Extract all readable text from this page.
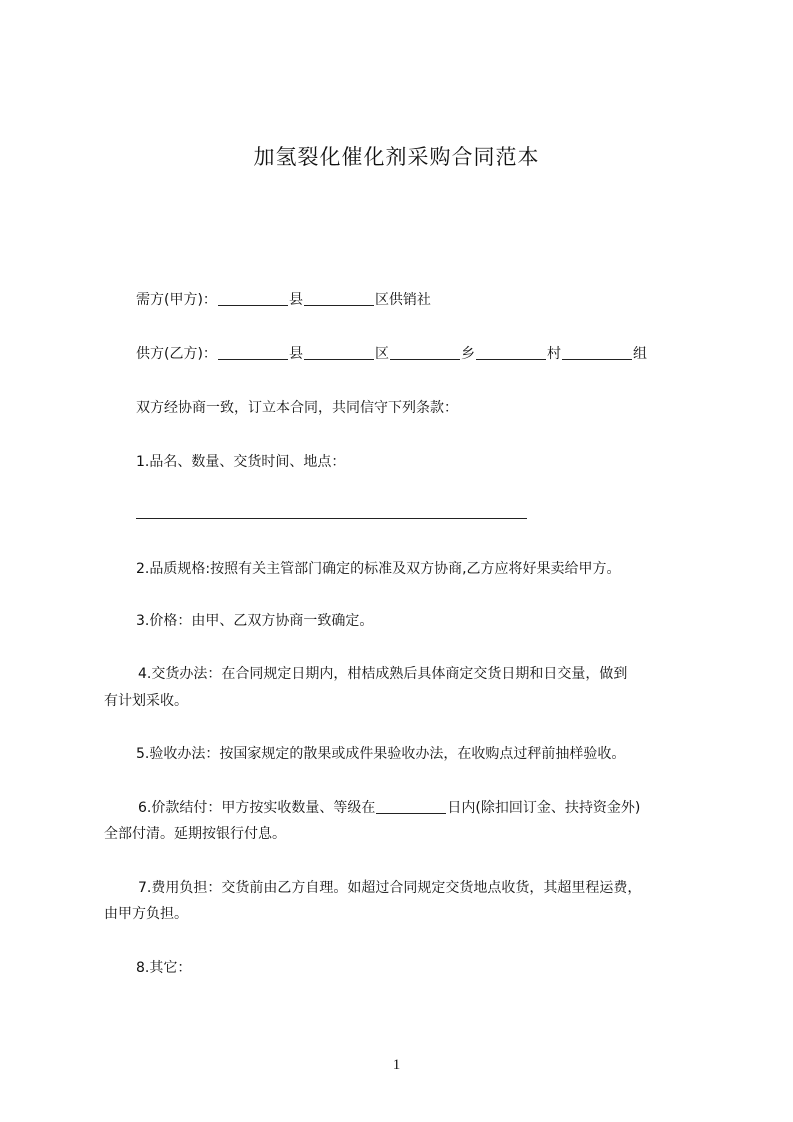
加氢裂化催化剂采购合同范本
需方(甲方)：	县	区供销社
供方(乙方)：	县	区	乡	村	组
双方经协商一致，订立本合同，共同信守下列条款：
1.品名、数量、交货时间、地点：
2.品质规格:按照有关主管部门确定的标准及双方协商,乙方应将好果卖给甲方。
3.价格：由甲、乙双方协商一致确定。
4.交货办法：在合同规定日期内，柑桔成熟后具体商定交货日期和日交量，做到
有计划采收。
5.验收办法：按国家规定的散果或成件果验收办法，在收购点过秤前抽样验收。
6.价款结付：甲方按实收数量、等级在	日内(除扣回订金、扶持资金外)
全部付清。延期按银行付息。
7.费用负担：交货前由乙方自理。如超过合同规定交货地点收货，其超里程运费，
由甲方负担。
8.其它：
1
